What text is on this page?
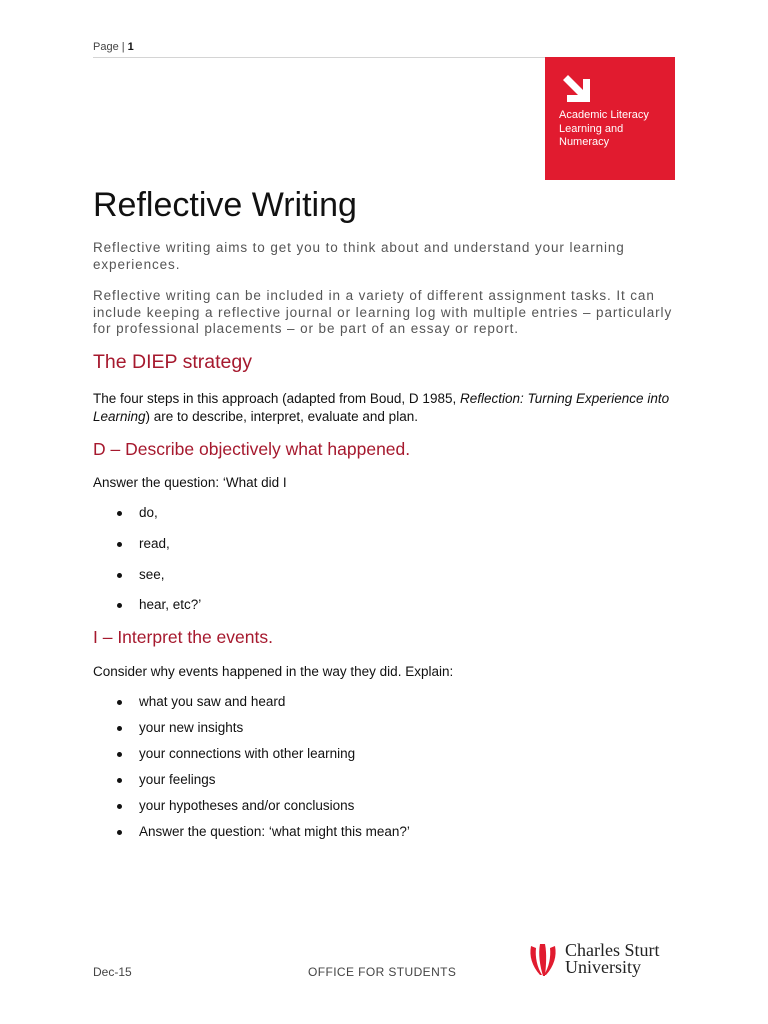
Page | 1
Academic Literacy
Learning and
Numeracy
Reflective Writing
Reflective writing aims to get you to think about and understand your learning experiences.
Reflective writing can be included in a variety of different assignment tasks. It can include keeping a reflective journal or learning log with multiple entries – particularly for professional placements – or be part of an essay or report.
The DIEP strategy
The four steps in this approach (adapted from Boud, D 1985, Reflection: Turning Experience into Learning) are to describe, interpret, evaluate and plan.
D – Describe objectively what happened.
Answer the question: ‘What did I
do,
read,
see,
hear, etc?’
I – Interpret the events.
Consider why events happened in the way they did. Explain:
what you saw and heard
your new insights
your connections with other learning
your feelings
your hypotheses and/or conclusions
Answer the question: ‘what might this mean?’
Dec-15	OFFICE FOR STUDENTS
Charles Sturt
University
